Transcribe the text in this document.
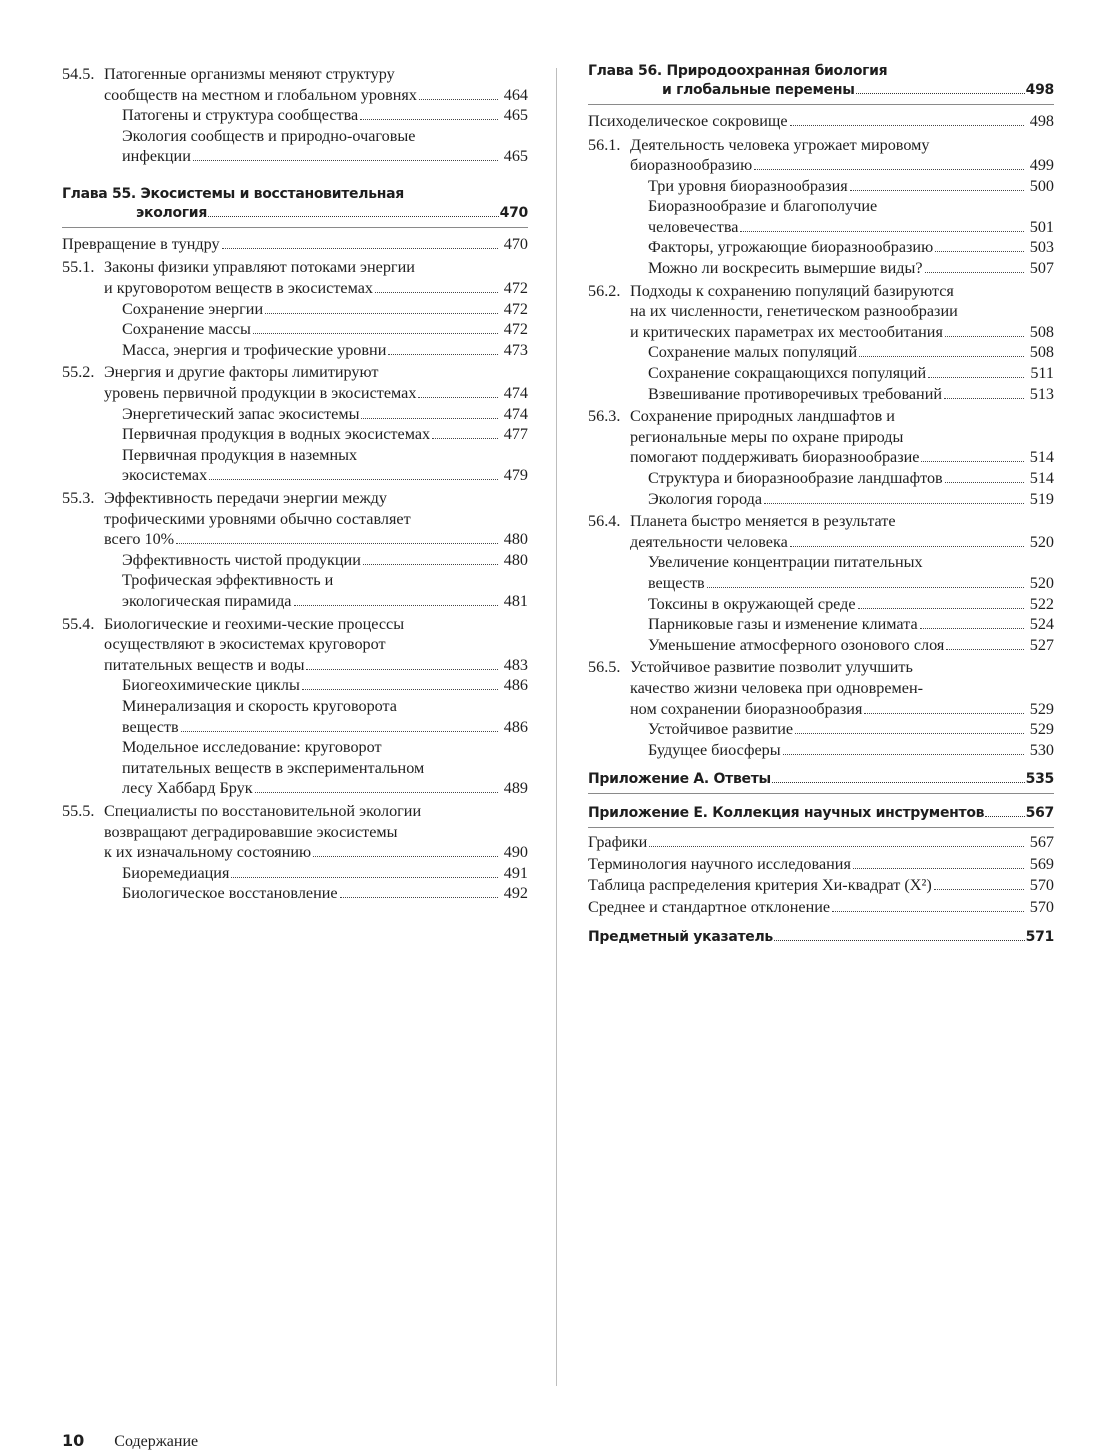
54.5. Патогенные организмы меняют структуру
сообществ на местном и глобальном уровнях	464
Патогены и структура сообщества	465
Экология сообществ и природно-очаговые
инфекции	465
Глава 55. Экосистемы и восстановительная
экология	470
Превращение в тундру	470
55.1. Законы физики управляют потоками энергии
и круговоротом веществ в экосистемах	472
Сохранение энергии	472
Сохранение массы	472
Масса, энергия и трофические уровни	473
55.2. Энергия и другие факторы лимитируют
уровень первичной продукции в экосистемах	474
Энергетический запас экосистемы	474
Первичная продукция в водных экосистемах	477
Первичная продукция в наземных
экосистемах	479
55.3. Эффективность передачи энергии между
трофическими уровнями обычно составляет
всего 10%	480
Эффективность чистой продукции	480
Трофическая эффективность и
экологическая пирамида	481
55.4. Биологические и геохими-ческие процессы
осуществляют в экосистемах круговорот
питательных веществ и воды	483
Биогеохимические циклы	486
Минерализация и скорость круговорота
веществ	486
Модельное исследование: круговорот
питательных веществ в экспериментальном
лесу Хаббард Брук	489
55.5. Специалисты по восстановительной экологии
возвращают деградировавшие экосистемы
к их изначальному состоянию	490
Биоремедиация	491
Биологическое восстановление	492
Глава 56. Природоохранная биология
и глобальные перемены	498
Психоделическое сокровище	498
56.1. Деятельность человека угрожает мировому
биоразнообразию	499
Три уровня биоразнообразия	500
Биоразнообразие и благополучие
человечества	501
Факторы, угрожающие биоразнообразию	503
Можно ли воскресить вымершие виды?	507
56.2. Подходы к сохранению популяций базируются
на их численности, генетическом разнообразии
и критических параметрах их местообитания	508
Сохранение малых популяций	508
Сохранение сокращающихся популяций	511
Взвешивание противоречивых требований	513
56.3. Сохранение природных ландшафтов и
региональные меры по охране природы
помогают поддерживать биоразнообразие	514
Структура и биоразнообразие ландшафтов	514
Экология города	519
56.4. Планета быстро меняется в результате
деятельности человека	520
Увеличение концентрации питательных
веществ	520
Токсины в окружающей среде	522
Парниковые газы и изменение климата	524
Уменьшение атмосферного озонового слоя	527
56.5. Устойчивое развитие позволит улучшить
качество жизни человека при одновремен-
ном сохранении биоразнообразия	529
Устойчивое развитие	529
Будущее биосферы	530
Приложение А. Ответы	535
Приложение Е. Коллекция научных инструментов	567
Графики	567
Терминология научного исследования	569
Таблица распределения критерия Хи-квадрат (Х²)	570
Среднее и стандартное отклонение	570
Предметный указатель	571
10 Содержание
